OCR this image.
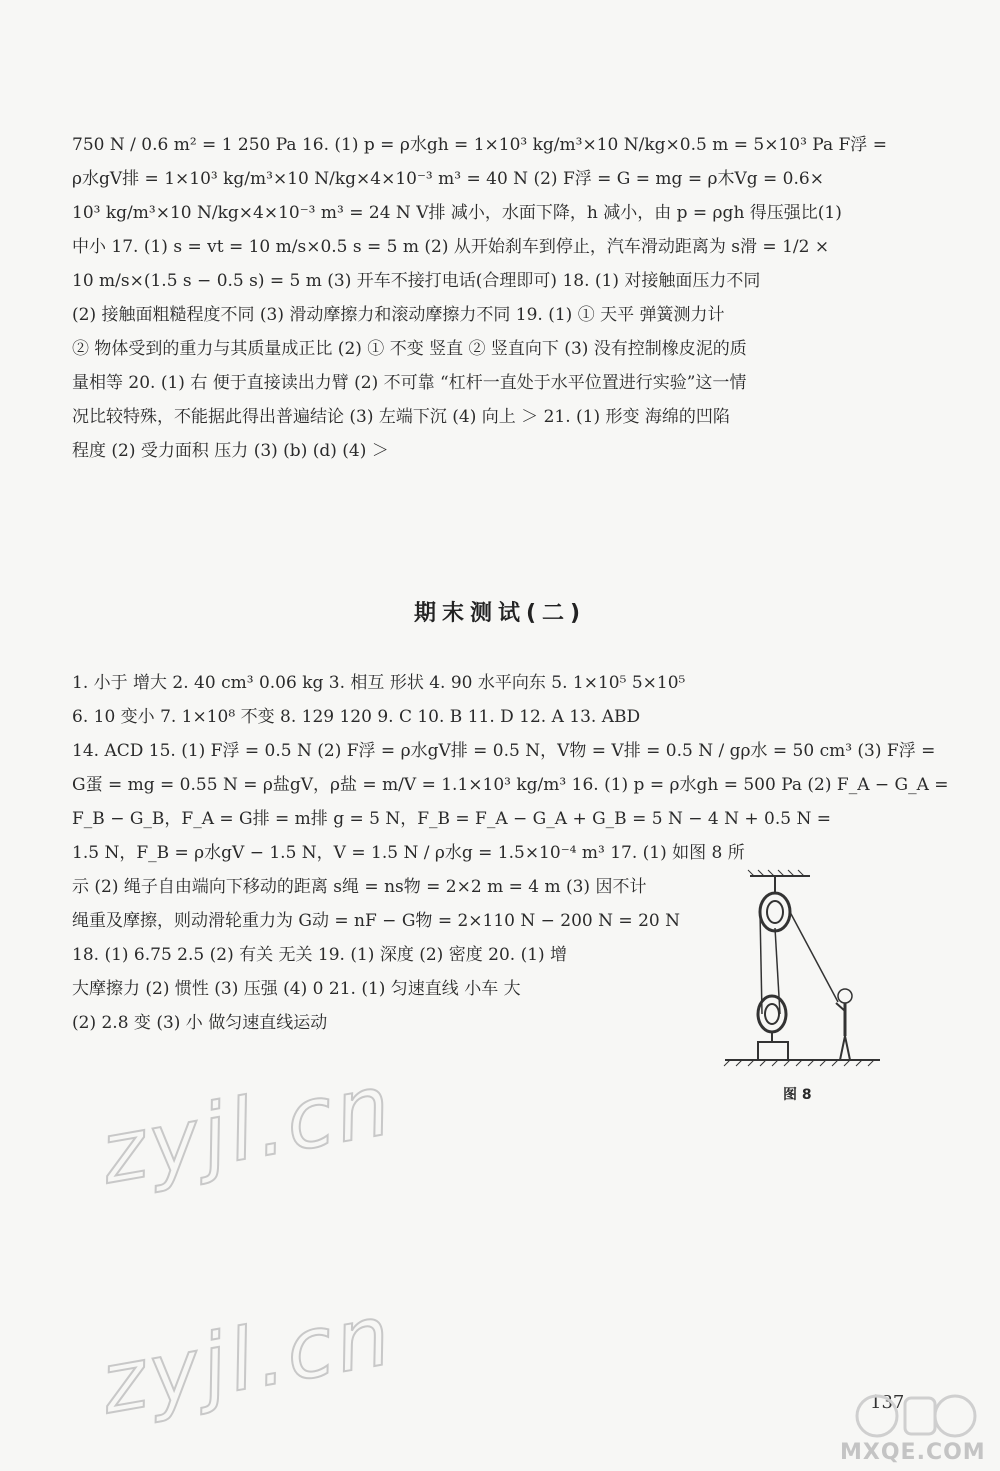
750 N / 0.6 m² = 1 250 Pa 16. (1) p = ρ水gh = 1×10³ kg/m³×10 N/kg×0.5 m = 5×10³ Pa F浮 =
ρ水gV排 = 1×10³ kg/m³×10 N/kg×4×10⁻³ m³ = 40 N (2) F浮 = G = mg = ρ木Vg = 0.6×
10³ kg/m³×10 N/kg×4×10⁻³ m³ = 24 N V排 减小，水面下降，h 减小，由 p = ρgh 得压强比(1)
中小 17. (1) s = vt = 10 m/s×0.5 s = 5 m (2) 从开始刹车到停止，汽车滑动距离为 s滑 = 1/2 ×
10 m/s×(1.5 s − 0.5 s) = 5 m (3) 开车不接打电话(合理即可) 18. (1) 对接触面压力不同
(2) 接触面粗糙程度不同 (3) 滑动摩擦力和滚动摩擦力不同 19. (1) ① 天平 弹簧测力计
② 物体受到的重力与其质量成正比 (2) ① 不变 竖直 ② 竖直向下 (3) 没有控制橡皮泥的质
量相等 20. (1) 右 便于直接读出力臂 (2) 不可靠 “杠杆一直处于水平位置进行实验”这一情
况比较特殊，不能据此得出普遍结论 (3) 左端下沉 (4) 向上 ＞ 21. (1) 形变 海绵的凹陷
程度 (2) 受力面积 压力 (3) (b) (d) (4) ＞
期末测试(二)
1. 小于 增大 2. 40 cm³ 0.06 kg 3. 相互 形状 4. 90 水平向东 5. 1×10⁵ 5×10⁵
6. 10 变小 7. 1×10⁸ 不变 8. 129 120 9. C 10. B 11. D 12. A 13. ABD
14. ACD 15. (1) F浮 = 0.5 N (2) F浮 = ρ水gV排 = 0.5 N，V物 = V排 = 0.5 N / gρ水 = 50 cm³ (3) F浮 =
G蛋 = mg = 0.55 N = ρ盐gV，ρ盐 = m/V = 1.1×10³ kg/m³ 16. (1) p = ρ水gh = 500 Pa (2) F_A − G_A =
F_B − G_B，F_A = G排 = m排 g = 5 N，F_B = F_A − G_A + G_B = 5 N − 4 N + 0.5 N =
1.5 N，F_B = ρ水gV − 1.5 N，V = 1.5 N / ρ水g = 1.5×10⁻⁴ m³ 17. (1) 如图 8 所
示 (2) 绳子自由端向下移动的距离 s绳 = ns物 = 2×2 m = 4 m (3) 因不计
绳重及摩擦，则动滑轮重力为 G动 = nF − G物 = 2×110 N − 200 N = 20 N
18. (1) 6.75 2.5 (2) 有关 无关 19. (1) 深度 (2) 密度 20. (1) 增
大摩擦力 (2) 惯性 (3) 压强 (4) 0 21. (1) 匀速直线 小车 大
(2) 2.8 变 (3) 小 做匀速直线运动
图 8
zyjl.cn
zyjl.cn	137
MXQE.COM
